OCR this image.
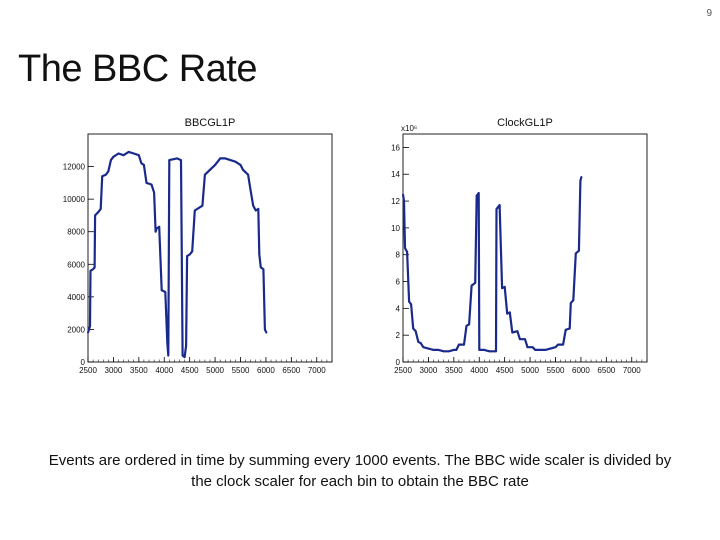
9
The BBC Rate
BBCGL1P
2500 3000 3500 4000 4500 5000 5500 6000 6500 7000
0
2000
4000
6000
8000
10000
12000
ClockGL1P
x10⁶
2500 3000 3500 4000 4500 5000 5500 6000 6500 7000
0
2
4
6
8
10
12
14
16
Events are ordered in time by summing every 1000 events. The BBC wide scaler is divided by the clock scaler for each bin to obtain the BBC rate
